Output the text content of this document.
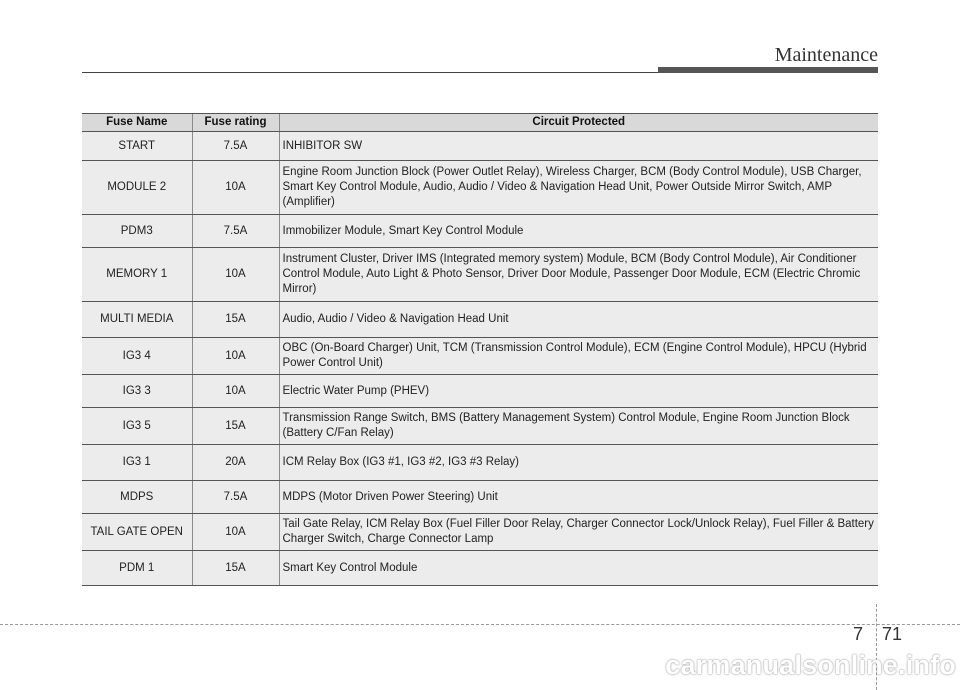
Maintenance
Fuse Name	Fuse rating	Circuit Protected
START	7.5A	INHIBITOR SW
MODULE 2	10A	Engine Room Junction Block (Power Outlet Relay), Wireless Charger, BCM (Body Control Module), USB Charger, Smart Key Control Module, Audio, Audio / Video & Navigation Head Unit, Power Outside Mirror Switch, AMP (Amplifier)
PDM3	7.5A	Immobilizer Module, Smart Key Control Module
MEMORY 1	10A	Instrument Cluster, Driver IMS (Integrated memory system) Module, BCM (Body Control Module), Air Conditioner Control Module, Auto Light & Photo Sensor, Driver Door Module, Passenger Door Module, ECM (Electric Chromic Mirror)
MULTI MEDIA	15A	Audio, Audio / Video & Navigation Head Unit
IG3 4	10A	OBC (On-Board Charger) Unit, TCM (Transmission Control Module), ECM (Engine Control Module), HPCU (Hybrid Power Control Unit)
IG3 3	10A	Electric Water Pump (PHEV)
IG3 5	15A	Transmission Range Switch, BMS (Battery Management System) Control Module, Engine Room Junction Block (Battery C/Fan Relay)
IG3 1	20A	ICM Relay Box (IG3 #1, IG3 #2, IG3 #3 Relay)
MDPS	7.5A	MDPS (Motor Driven Power Steering) Unit
TAIL GATE OPEN	10A	Tail Gate Relay, ICM Relay Box (Fuel Filler Door Relay, Charger Connector Lock/Unlock Relay), Fuel Filler & Battery Charger Switch, Charge Connector Lamp
PDM 1	15A	Smart Key Control Module
7 71
carmanualsonline.info
